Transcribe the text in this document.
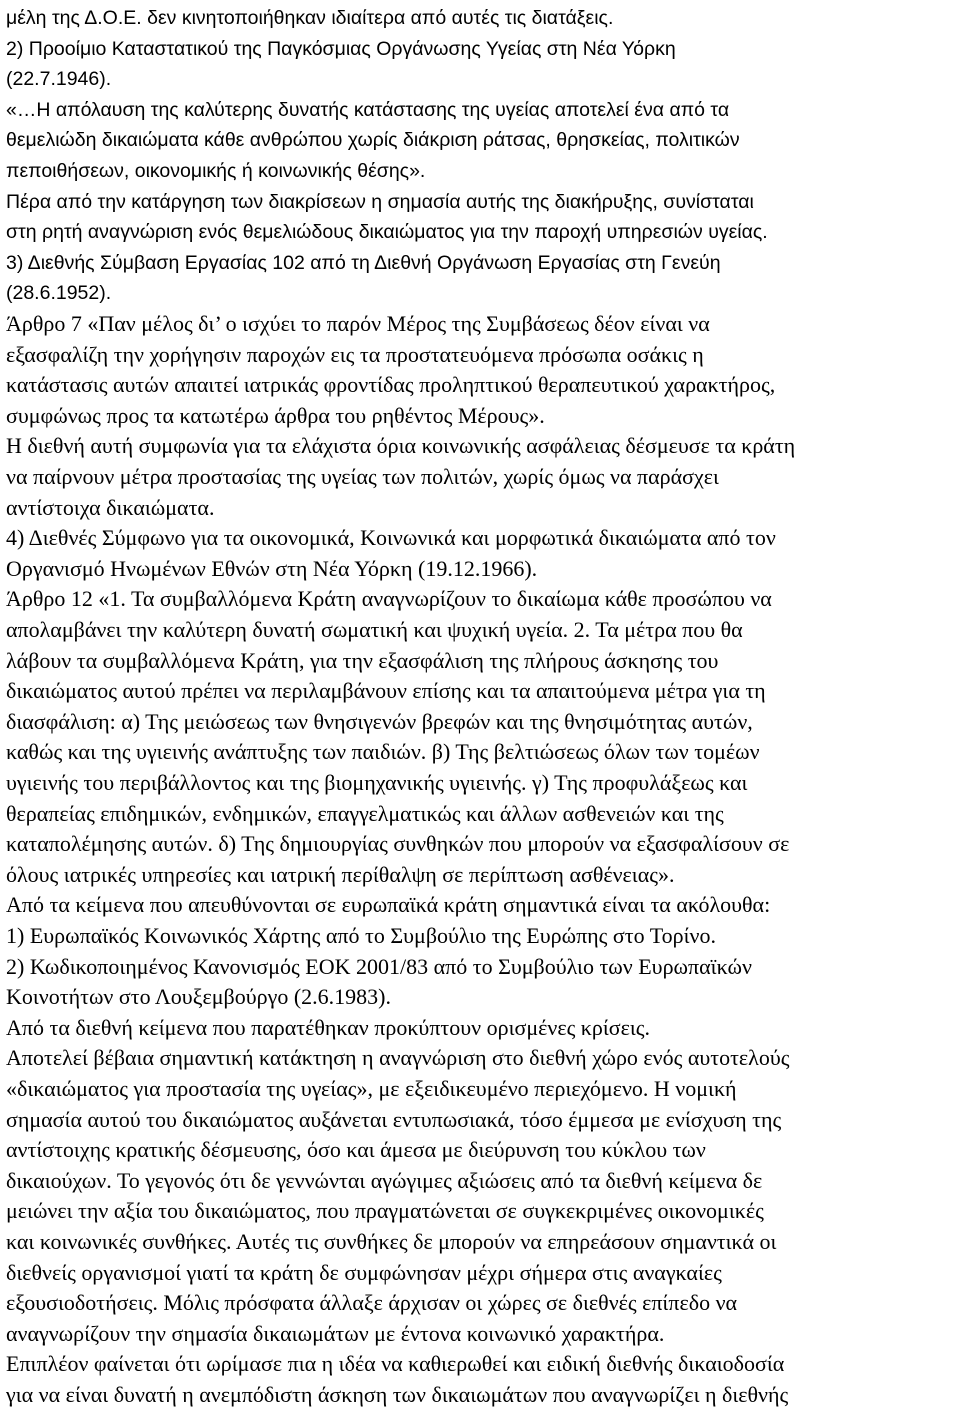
μέλη της Δ.Ο.Ε. δεν κινητοποιήθηκαν ιδιαίτερα από αυτές τις διατάξεις.
2) Προοίμιο Καταστατικού της Παγκόσμιας Οργάνωσης Υγείας στη Νέα Υόρκη
(22.7.1946).
«…Η απόλαυση της καλύτερης δυνατής κατάστασης της υγείας αποτελεί ένα από τα
θεμελιώδη δικαιώματα κάθε ανθρώπου χωρίς διάκριση ράτσας, θρησκείας, πολιτικών
πεποιθήσεων, οικονομικής ή κοινωνικής θέσης».
Πέρα από την κατάργηση των διακρίσεων η σημασία αυτής της διακήρυξης, συνίσταται
στη ρητή αναγνώριση ενός θεμελιώδους δικαιώματος για την παροχή υπηρεσιών υγείας.
3) Διεθνής Σύμβαση Εργασίας 102 από τη Διεθνή Οργάνωση Εργασίας στη Γενεύη
(28.6.1952).
Άρθρο 7 «Παν μέλος δι’ ο ισχύει το παρόν Μέρος της Συμβάσεως δέον είναι να
εξασφαλίζη την χορήγησιν παροχών εις τα προστατευόμενα πρόσωπα οσάκις η
κατάστασις αυτών απαιτεί ιατρικάς φροντίδας προληπτικού θεραπευτικού χαρακτήρος,
συμφώνως προς τα κατωτέρω άρθρα του ρηθέντος Μέρους».
Η διεθνή αυτή συμφωνία για τα ελάχιστα όρια κοινωνικής ασφάλειας δέσμευσε τα κράτη
να παίρνουν μέτρα προστασίας της υγείας των πολιτών, χωρίς όμως να παράσχει
αντίστοιχα δικαιώματα.
4) Διεθνές Σύμφωνο για τα οικονομικά, Κοινωνικά και μορφωτικά δικαιώματα από τον
Οργανισμό Ηνωμένων Εθνών στη Νέα Υόρκη (19.12.1966).
Άρθρο 12 «1. Τα συμβαλλόμενα Κράτη αναγνωρίζουν το δικαίωμα κάθε προσώπου να
απολαμβάνει την καλύτερη δυνατή σωματική και ψυχική υγεία. 2. Τα μέτρα που θα
λάβουν τα συμβαλλόμενα Κράτη, για την εξασφάλιση της πλήρους άσκησης του
δικαιώματος αυτού πρέπει να περιλαμβάνουν επίσης και τα απαιτούμενα μέτρα για τη
διασφάλιση: α) Της μειώσεως των θνησιγενών βρεφών και της θνησιμότητας αυτών,
καθώς και της υγιεινής ανάπτυξης των παιδιών. β) Της βελτιώσεως όλων των τομέων
υγιεινής του περιβάλλοντος και της βιομηχανικής υγιεινής. γ) Της προφυλάξεως και
θεραπείας επιδημικών, ενδημικών, επαγγελματικώς και άλλων ασθενειών και της
καταπολέμησης αυτών. δ) Της δημιουργίας συνθηκών που μπορούν να εξασφαλίσουν σε
όλους ιατρικές υπηρεσίες και ιατρική περίθαλψη σε περίπτωση ασθένειας».
Από τα κείμενα που απευθύνονται σε ευρωπαϊκά κράτη σημαντικά είναι τα ακόλουθα:
1) Ευρωπαϊκός Κοινωνικός Χάρτης από το Συμβούλιο της Ευρώπης στο Τορίνο.
2) Κωδικοποιημένος Κανονισμός ΕΟΚ 2001/83 από το Συμβούλιο των Ευρωπαϊκών
Κοινοτήτων στο Λουξεμβούργο (2.6.1983).
Από τα διεθνή κείμενα που παρατέθηκαν προκύπτουν ορισμένες κρίσεις.
Αποτελεί βέβαια σημαντική κατάκτηση η αναγνώριση στο διεθνή χώρο ενός αυτοτελούς
«δικαιώματος για προστασία της υγείας», με εξειδικευμένο περιεχόμενο. Η νομική
σημασία αυτού του δικαιώματος αυξάνεται εντυπωσιακά, τόσο έμμεσα με ενίσχυση της
αντίστοιχης κρατικής δέσμευσης, όσο και άμεσα με διεύρυνση του κύκλου των
δικαιούχων. Το γεγονός ότι δε γεννώνται αγώγιμες αξιώσεις από τα διεθνή κείμενα δε
μειώνει την αξία του δικαιώματος, που πραγματώνεται σε συγκεκριμένες οικονομικές
και κοινωνικές συνθήκες. Αυτές τις συνθήκες δε μπορούν να επηρεάσουν σημαντικά οι
διεθνείς οργανισμοί γιατί τα κράτη δε συμφώνησαν μέχρι σήμερα στις αναγκαίες
εξουσιοδοτήσεις. Μόλις πρόσφατα άλλαξε άρχισαν οι χώρες σε διεθνές επίπεδο να
αναγνωρίζουν την σημασία δικαιωμάτων με έντονα κοινωνικό χαρακτήρα.
Επιπλέον φαίνεται ότι ωρίμασε πια η ιδέα να καθιερωθεί και ειδική διεθνής δικαιοδοσία
για να είναι δυνατή η ανεμπόδιστη άσκηση των δικαιωμάτων που αναγνωρίζει η διεθνής
